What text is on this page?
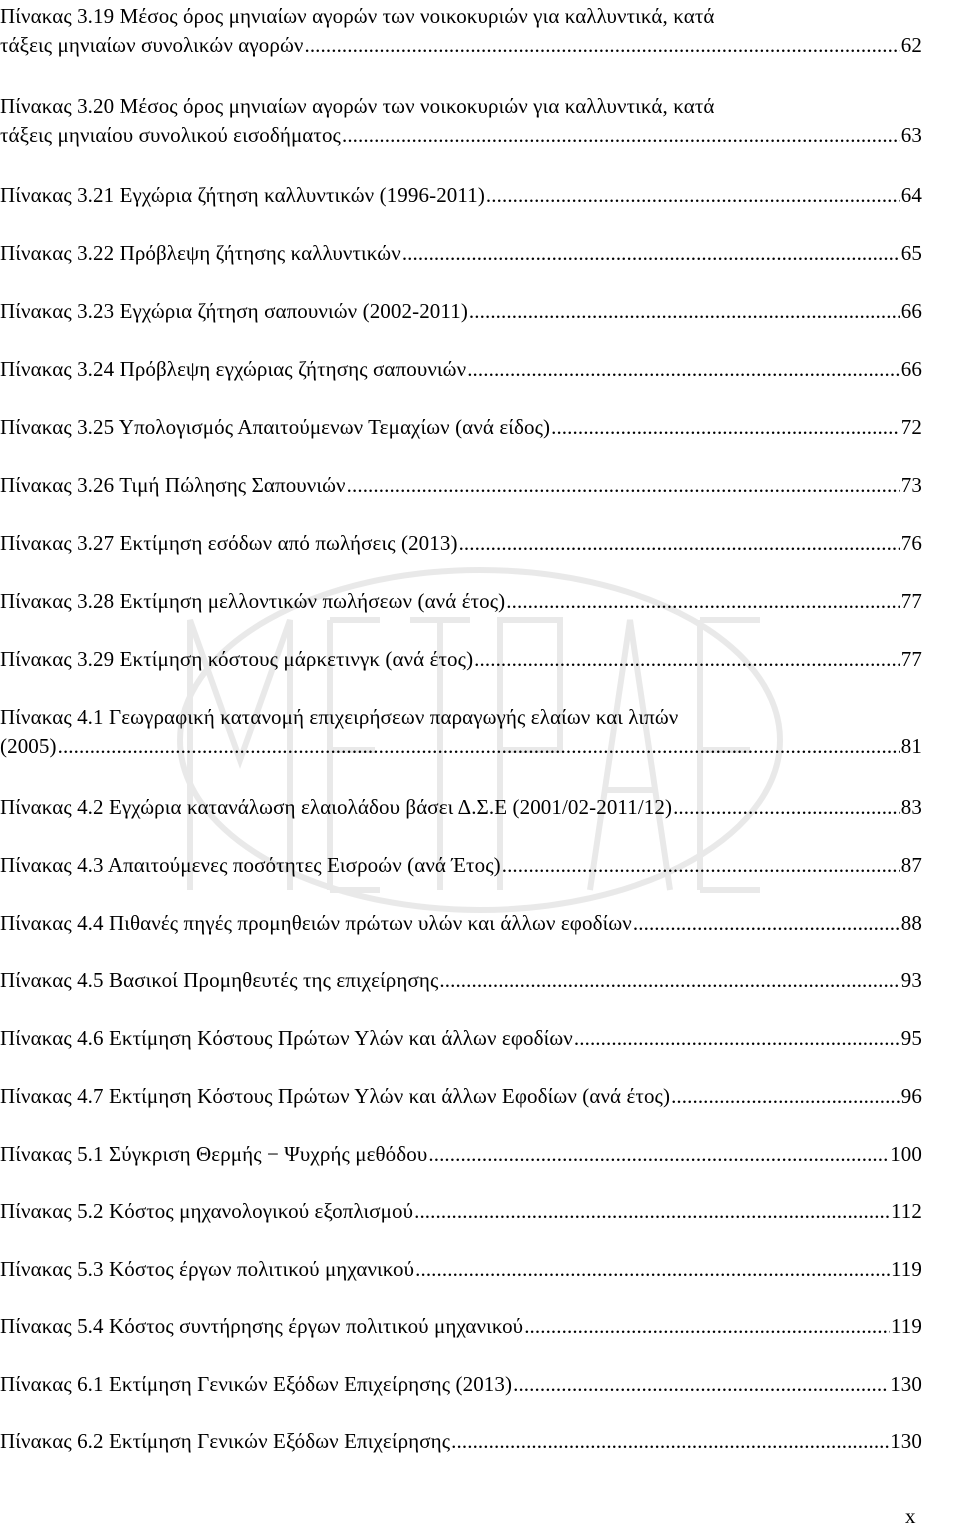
Πίνακας 3.19 Μέσος όρος μηνιαίων αγορών των νοικοκυριών για καλλυντικά, κατά
τάξεις μηνιαίων συνολικών αγορών .....	62
Πίνακας 3.20 Μέσος όρος μηνιαίων αγορών των νοικοκυριών για καλλυντικά, κατά
τάξεις μηνιαίου συνολικού εισοδήματος .....	63
Πίνακας 3.21 Εγχώρια ζήτηση καλλυντικών (1996-2011) .....	64
Πίνακας 3.22 Πρόβλεψη ζήτησης καλλυντικών .....	65
Πίνακας 3.23 Εγχώρια ζήτηση σαπουνιών (2002-2011) .....	66
Πίνακας 3.24 Πρόβλεψη εγχώριας ζήτησης σαπουνιών .....	66
Πίνακας 3.25 Υπολογισμός Απαιτούμενων Τεμαχίων (ανά είδος) .....	72
Πίνακας 3.26 Τιμή Πώλησης Σαπουνιών .....	73
Πίνακας 3.27 Εκτίμηση εσόδων από πωλήσεις (2013) .....	76
Πίνακας 3.28 Εκτίμηση μελλοντικών πωλήσεων (ανά έτος) .....	77
Πίνακας 3.29 Εκτίμηση κόστους μάρκετινγκ (ανά έτος) .....	77
Πίνακας 4.1 Γεωγραφική κατανομή επιχειρήσεων παραγωγής ελαίων και λιπών
(2005) .....	81
Πίνακας 4.2 Εγχώρια κατανάλωση ελαιολάδου βάσει Δ.Σ.Ε (2001/02-2011/12) .....	83
Πίνακας 4.3 Απαιτούμενες ποσότητες Εισροών (ανά Έτος) .....	87
Πίνακας 4.4 Πιθανές πηγές προμηθειών πρώτων υλών και άλλων εφοδίων .....	88
Πίνακας 4.5 Βασικοί Προμηθευτές της επιχείρησης .....	93
Πίνακας 4.6 Εκτίμηση Κόστους Πρώτων Υλών και άλλων εφοδίων .....	95
Πίνακας 4.7 Εκτίμηση Κόστους Πρώτων Υλών και άλλων Εφοδίων (ανά έτος) .....	96
Πίνακας 5.1 Σύγκριση Θερμής − Ψυχρής μεθόδου .....	100
Πίνακας 5.2 Κόστος μηχανολογικού εξοπλισμού .....	112
Πίνακας 5.3 Κόστος έργων πολιτικού μηχανικού .....	119
Πίνακας 5.4 Κόστος συντήρησης έργων πολιτικού μηχανικού .....	119
Πίνακας 6.1 Εκτίμηση Γενικών Εξόδων Επιχείρησης (2013) .....	130
Πίνακας 6.2 Εκτίμηση Γενικών Εξόδων Επιχείρησης .....	130
x
